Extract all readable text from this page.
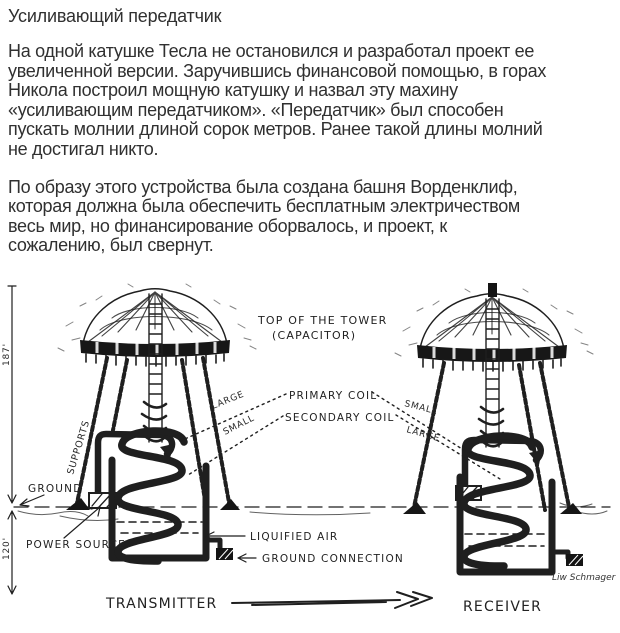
Усиливающий передатчик
На одной катушке Тесла не остановился и разработал проект ее
увеличенной версии. Заручившись финансовой помощью, в горах
Никола построил мощную катушку и назвал эту махину
«усиливающим передатчиком». «Передатчик» был способен
пускать молнии длиной сорок метров. Ранее такой длины молний
не достигал никто.
По образу этого устройства была создана башня Ворденклиф,
которая должна была обеспечить бесплатным электричеством
весь мир, но финансирование оборвалось, и проект, к
сожалению, был свернут.
TOP OF THE TOWER
(CAPACITOR)
PRIMARY COIL
SECONDARY COIL
LARGE
SMALL
SMALL
LARGE
SUPPORTS
GROUND
POWER SOURCE
LIQUIFIED AIR
GROUND CONNECTION
187'
120'
TRANSMITTER	RECEIVER
Liw Schmager
